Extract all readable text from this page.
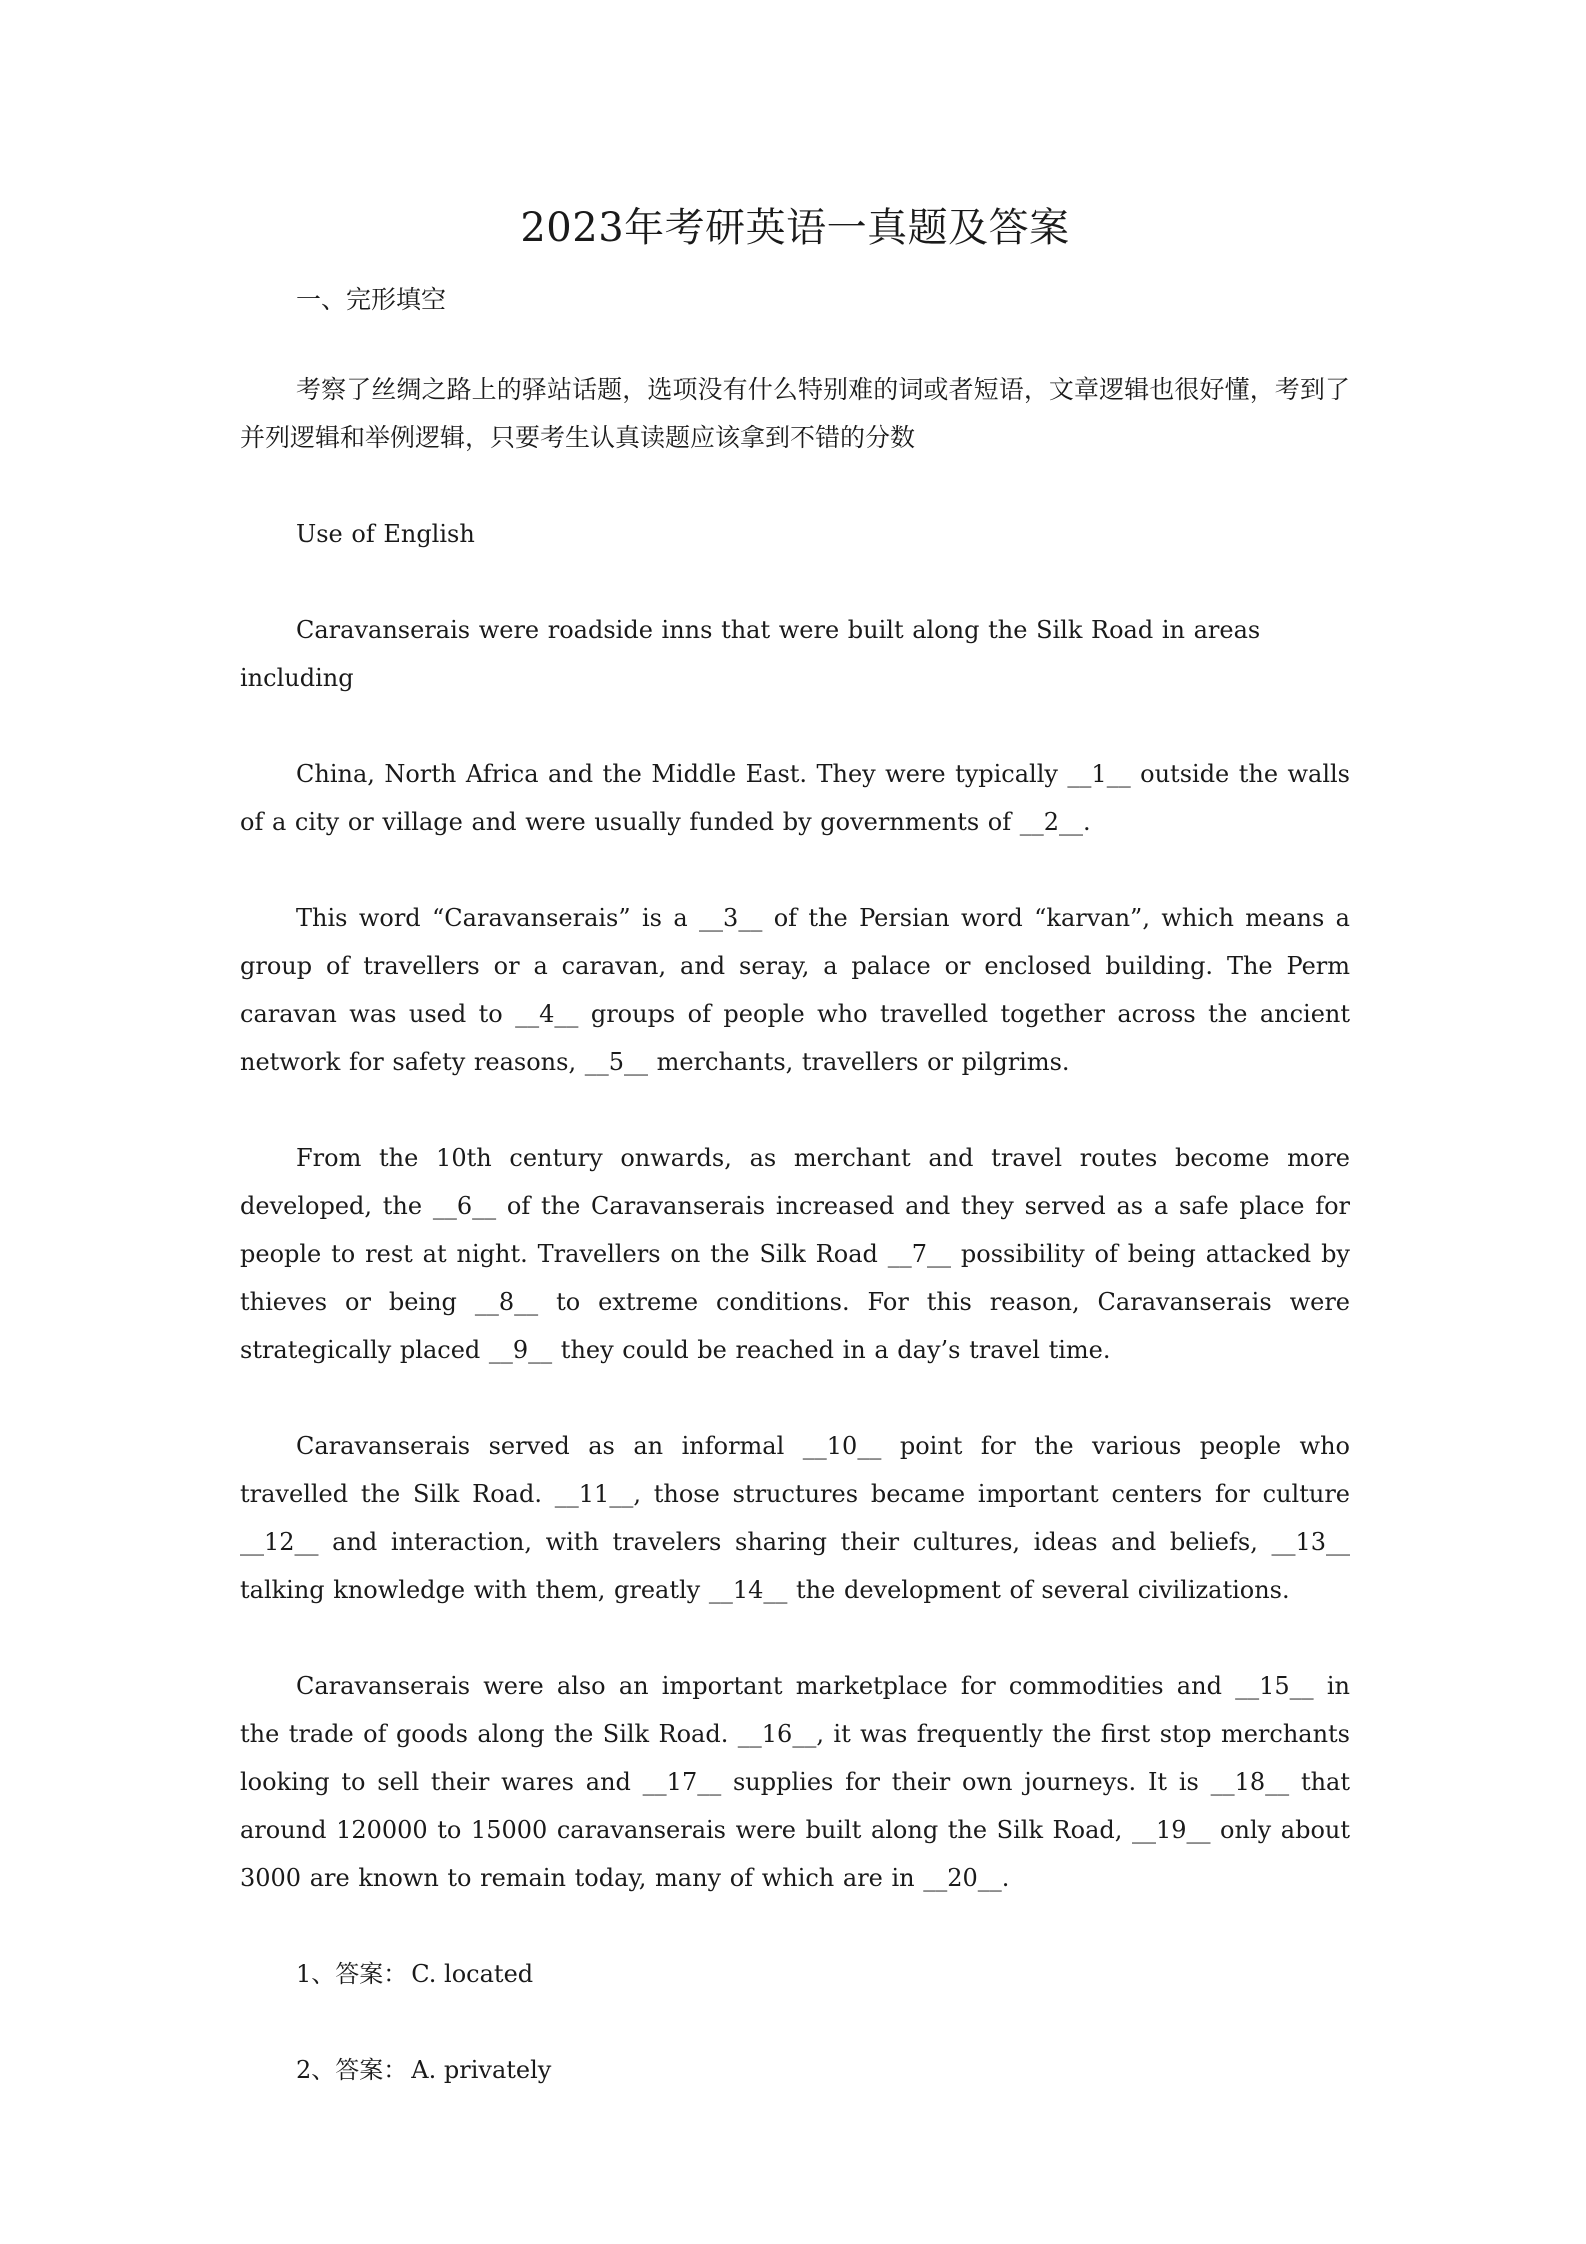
2023年考研英语一真题及答案
一、完形填空

考察了丝绸之路上的驿站话题，选项没有什么特别难的词或者短语，文章逻辑也很好懂，考到了并列逻辑和举例逻辑，只要考生认真读题应该拿到不错的分数

Use of English

Caravanserais were roadside inns that were built along the Silk Road in areas including

China, North Africa and the Middle East. They were typically __1__ outside the walls of a city or village and were usually funded by governments of __2__.

This word “Caravanserais” is a __3__ of the Persian word “karvan”, which means a group of travellers or a caravan, and seray, a palace or enclosed building. The Perm caravan was used to __4__ groups of people who travelled together across the ancient network for safety reasons, __5__ merchants, travellers or pilgrims.

From the 10th century onwards, as merchant and travel routes become more developed, the __6__ of the Caravanserais increased and they served as a safe place for people to rest at night. Travellers on the Silk Road __7__ possibility of being attacked by thieves or being __8__ to extreme conditions. For this reason, Caravanserais were strategically placed __9__ they could be reached in a day’s travel time.

Caravanserais served as an informal __10__ point for the various people who travelled the Silk Road. __11__, those structures became important centers for culture __12__ and interaction, with travelers sharing their cultures, ideas and beliefs, __13__ talking knowledge with them, greatly __14__ the development of several civilizations.

Caravanserais were also an important marketplace for commodities and __15__ in the trade of goods along the Silk Road. __16__, it was frequently the first stop merchants looking to sell their wares and __17__ supplies for their own journeys. It is __18__ that around 120000 to 15000 caravanserais were built along the Silk Road, __19__ only about 3000 are known to remain today, many of which are in __20__.

1、答案： C. located
2、答案： A. privately
